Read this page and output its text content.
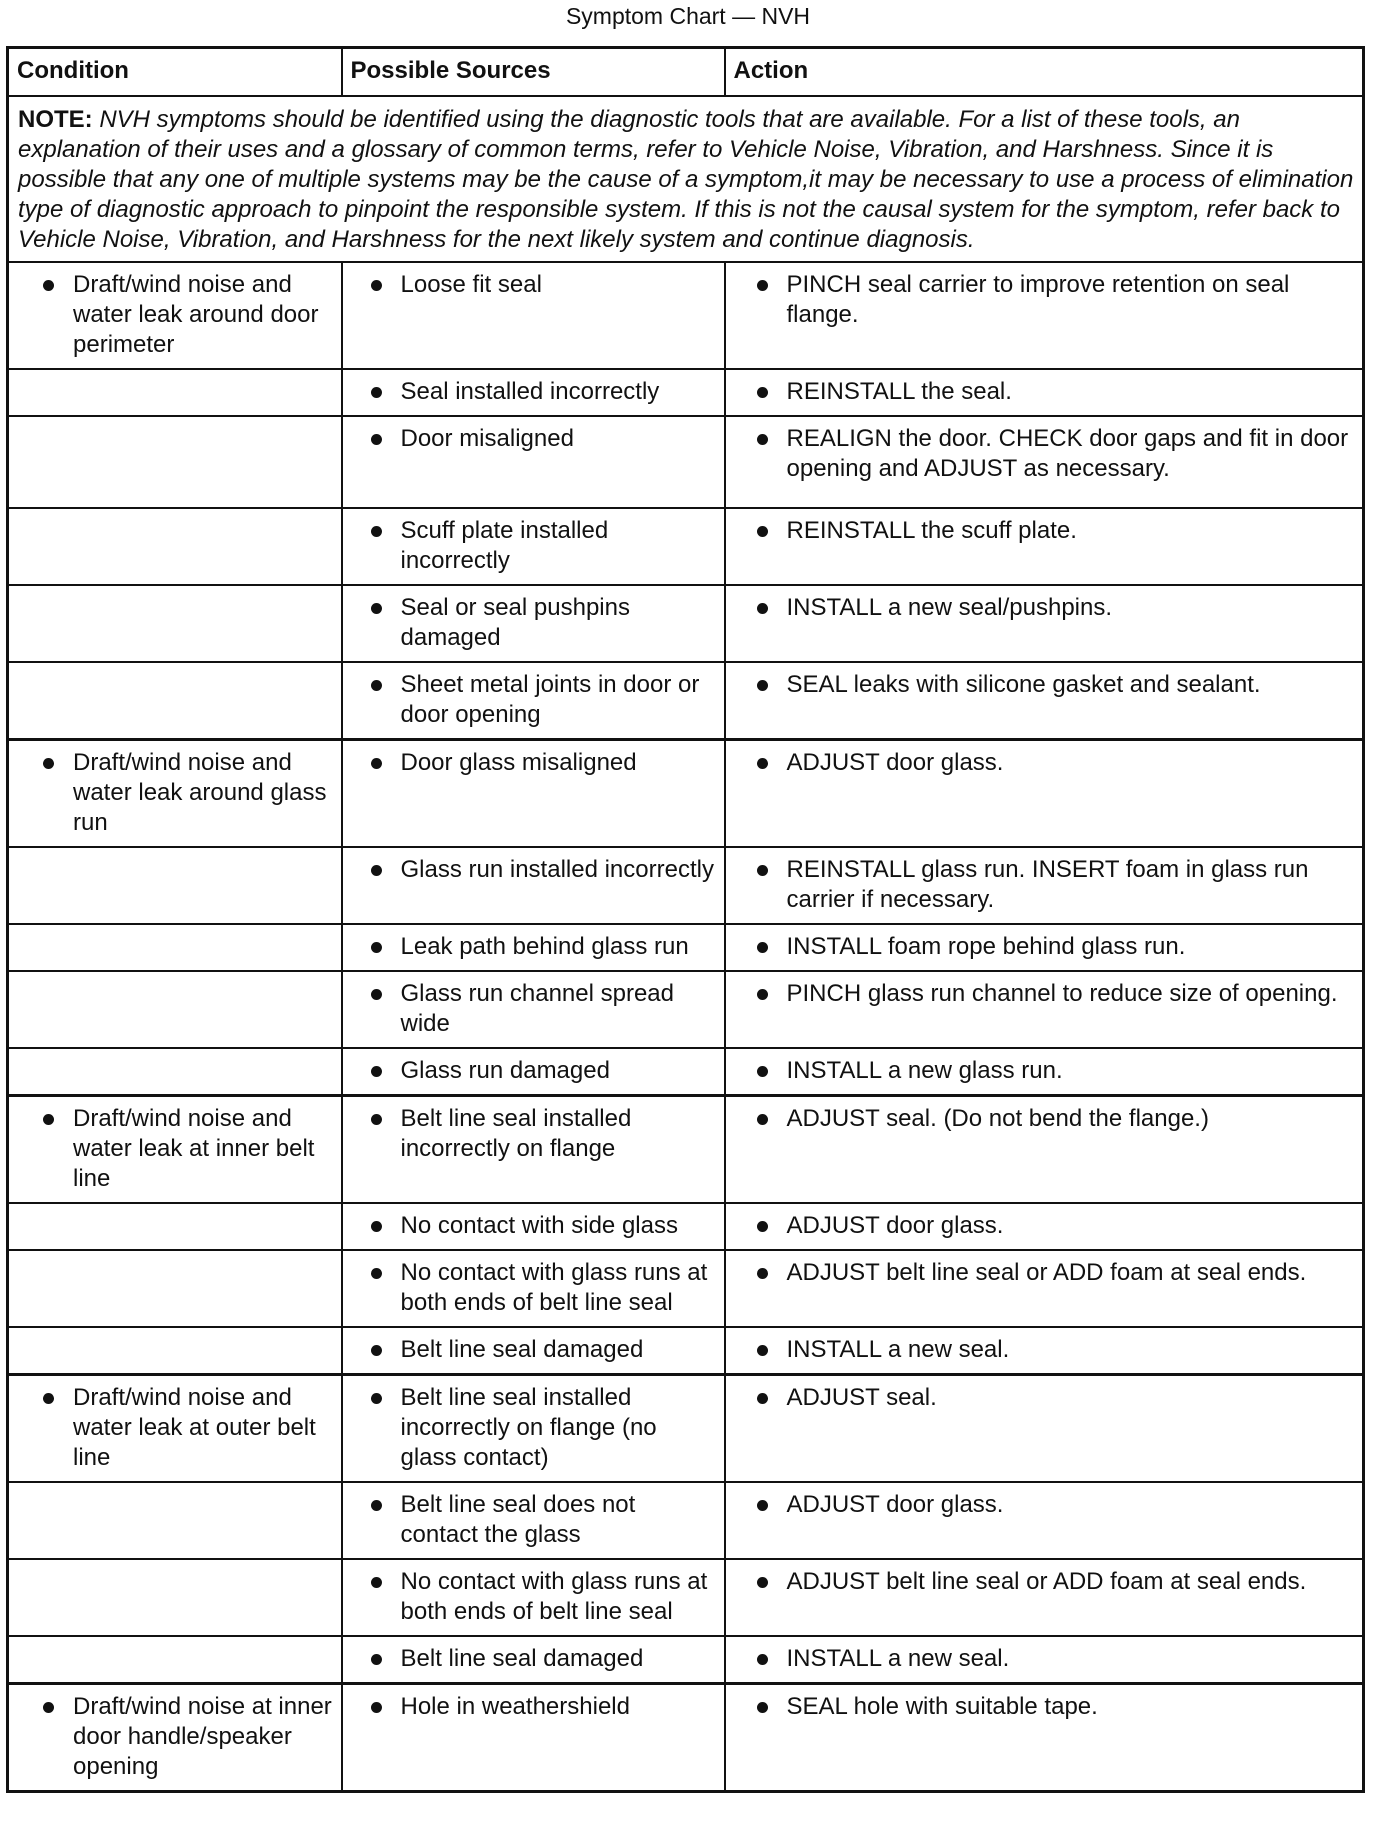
Symptom Chart — NVH
Condition	Possible Sources	Action
NOTE: NVH symptoms should be identified using the diagnostic tools that are available. For a list of these tools, an explanation of their uses and a glossary of common terms, refer to Vehicle Noise, Vibration, and Harshness. Since it is possible that any one of multiple systems may be the cause of a symptom,it may be necessary to use a process of elimination type of diagnostic approach to pinpoint the responsible system. If this is not the causal system for the symptom, refer back to Vehicle Noise, Vibration, and Harshness for the next likely system and continue diagnosis.		

Draft/wind noise and water leak around door perimeter	Loose fit seal	PINCH seal carrier to improve retention on seal flange.

	Seal installed incorrectly	REINSTALL the seal.

	Door misaligned	REALIGN the door. CHECK door gaps and fit in door opening and ADJUST as necessary.

	Scuff plate installed incorrectly	REINSTALL the scuff plate.

	Seal or seal pushpins damaged	INSTALL a new seal/pushpins.

	Sheet metal joints in door or door opening	SEAL leaks with silicone gasket and sealant.

Draft/wind noise and water leak around glass run	Door glass misaligned	ADJUST door glass.

	Glass run installed incorrectly	REINSTALL glass run. INSERT foam in glass run carrier if necessary.

	Leak path behind glass run	INSTALL foam rope behind glass run.

	Glass run channel spread wide	PINCH glass run channel to reduce size of opening.

	Glass run damaged	INSTALL a new glass run.

Draft/wind noise and water leak at inner belt line	Belt line seal installed incorrectly on flange	ADJUST seal. (Do not bend the flange.)

	No contact with side glass	ADJUST door glass.

	No contact with glass runs at both ends of belt line seal	ADJUST belt line seal or ADD foam at seal ends.

	Belt line seal damaged	INSTALL a new seal.

Draft/wind noise and water leak at outer belt line	Belt line seal installed incorrectly on flange (no glass contact)	ADJUST seal.

	Belt line seal does not contact the glass	ADJUST door glass.

	No contact with glass runs at both ends of belt line seal	ADJUST belt line seal or ADD foam at seal ends.

	Belt line seal damaged	INSTALL a new seal.

Draft/wind noise at inner door handle/speaker opening	Hole in weathershield	SEAL hole with suitable tape.
